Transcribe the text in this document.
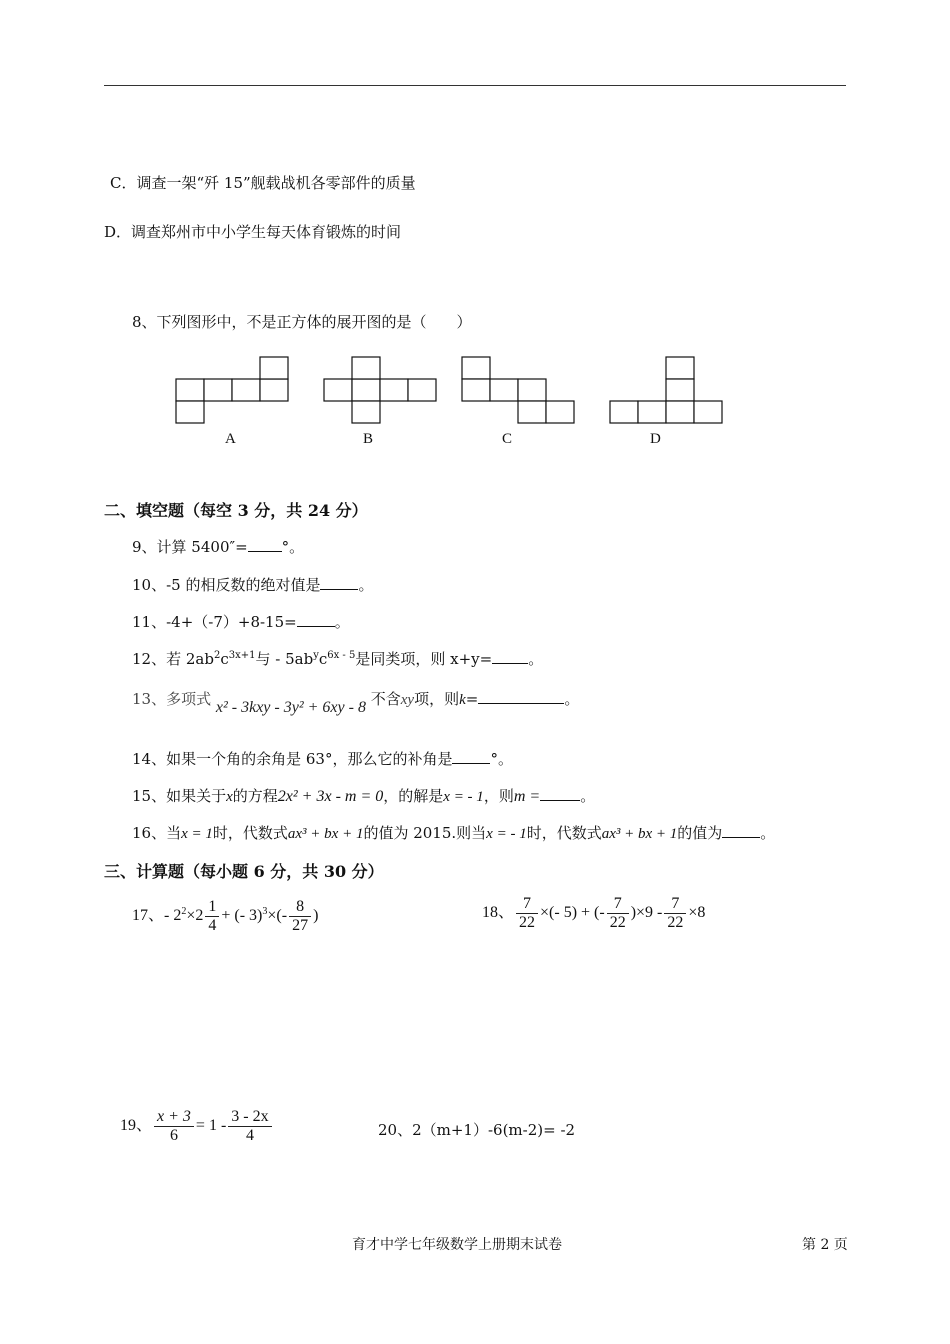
C．调查一架“歼 15”舰载战机各零部件的质量
D．调查郑州市中小学生每天体育锻炼的时间
8、下列图形中，不是正方体的展开图的是（　　）
A	B	C	D
二、填空题（每空 3 分，共 24 分）
9、计算 5400″= °。
10、-5 的相反数的绝对值是	。
11、-4+（-7）+8-15=	。
12、若 $2ab^2c^{3x+1}$与 - $5ab^yc^{6x - 5}$是同类项，则 x+y= 。
13、多项式 x² - 3kxy - 3y² + 6xy - 8 不含xy项，则k=	。
14、如果一个角的余角是 63°，那么它的补角是	°。
15、如果关于x的方程2x² + 3x - m = 0，的解是x = - 1，则m =	。
16、当x = 1时，代数式ax³ + bx + 1的值为 2015.则当x = - 1时，代数式ax³ + bx + 1的值为	。
三、计算题（每小题 6 分，共 30 分）
17、- $2^2\times 2 \frac{1}{4}$ + (- $3)^3\times(- \frac{8}{27}$ )	18、 $\frac{7}{22}$ ×(- 5) + (- $\frac{7}{22} )\times 9 - \frac{7}{22} \times 8$
19、 $\frac{x + 3}{6} = 1 - \frac{3 - 2x}{4}$	20、2（m+1）-6(m-2)= -2
育才中学七年级数学上册期末试卷	第 2 页
